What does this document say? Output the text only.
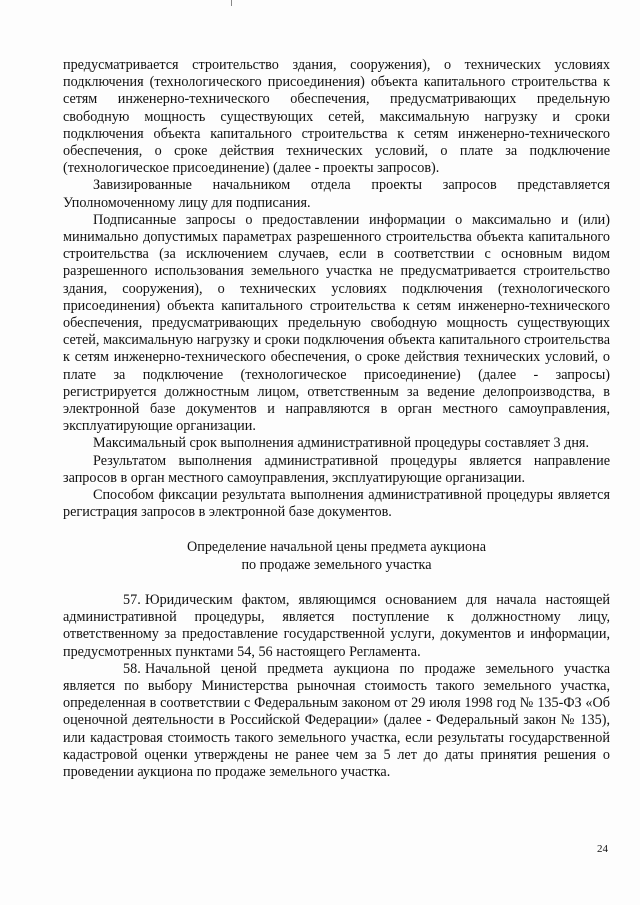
предусматривается строительство здания, сооружения), о технических условиях подключения (технологического присоединения) объекта капитального строительства к сетям инженерно-технического обеспечения, предусматривающих предельную свободную мощность существующих сетей, максимальную нагрузку и сроки подключения объекта капитального строительства к сетям инженерно-технического обеспечения, о сроке действия технических условий, о плате за подключение (технологическое присоединение) (далее - проекты запросов).

Завизированные начальником отдела проекты запросов представляется Уполномоченному лицу для подписания.

Подписанные запросы о предоставлении информации о максимально и (или) минимально допустимых параметрах разрешенного строительства объекта капитального строительства (за исключением случаев, если в соответствии с основным видом разрешенного использования земельного участка не предусматривается строительство здания, сооружения), о технических условиях подключения (технологического присоединения) объекта капитального строительства к сетям инженерно-технического обеспечения, предусматривающих предельную свободную мощность существующих сетей, максимальную нагрузку и сроки подключения объекта капитального строительства к сетям инженерно-технического обеспечения, о сроке действия технических условий, о плате за подключение (технологическое присоединение) (далее - запросы) регистрируется должностным лицом, ответственным за ведение делопроизводства, в электронной базе документов и направляются в орган местного самоуправления, эксплуатирующие организации.

Максимальный срок выполнения административной процедуры составляет 3 дня.

Результатом выполнения административной процедуры является направление запросов в орган местного самоуправления, эксплуатирующие организации.

Способом фиксации результата выполнения административной процедуры является регистрация запросов в электронной базе документов.

Определение начальной цены предмета аукциона
по продаже земельного участка

57. Юридическим фактом, являющимся основанием для начала настоящей административной процедуры, является поступление к должностному лицу, ответственному за предоставление государственной услуги, документов и информации, предусмотренных пунктами 54, 56 настоящего Регламента.

58. Начальной ценой предмета аукциона по продаже земельного участка является по выбору Министерства рыночная стоимость такого земельного участка, определенная в соответствии с Федеральным законом от 29 июля 1998 год № 135-ФЗ «Об оценочной деятельности в Российской Федерации» (далее - Федеральный закон № 135), или кадастровая стоимость такого земельного участка, если результаты государственной кадастровой оценки утверждены не ранее чем за 5 лет до даты принятия решения о проведении аукциона по продаже земельного участка.

24
